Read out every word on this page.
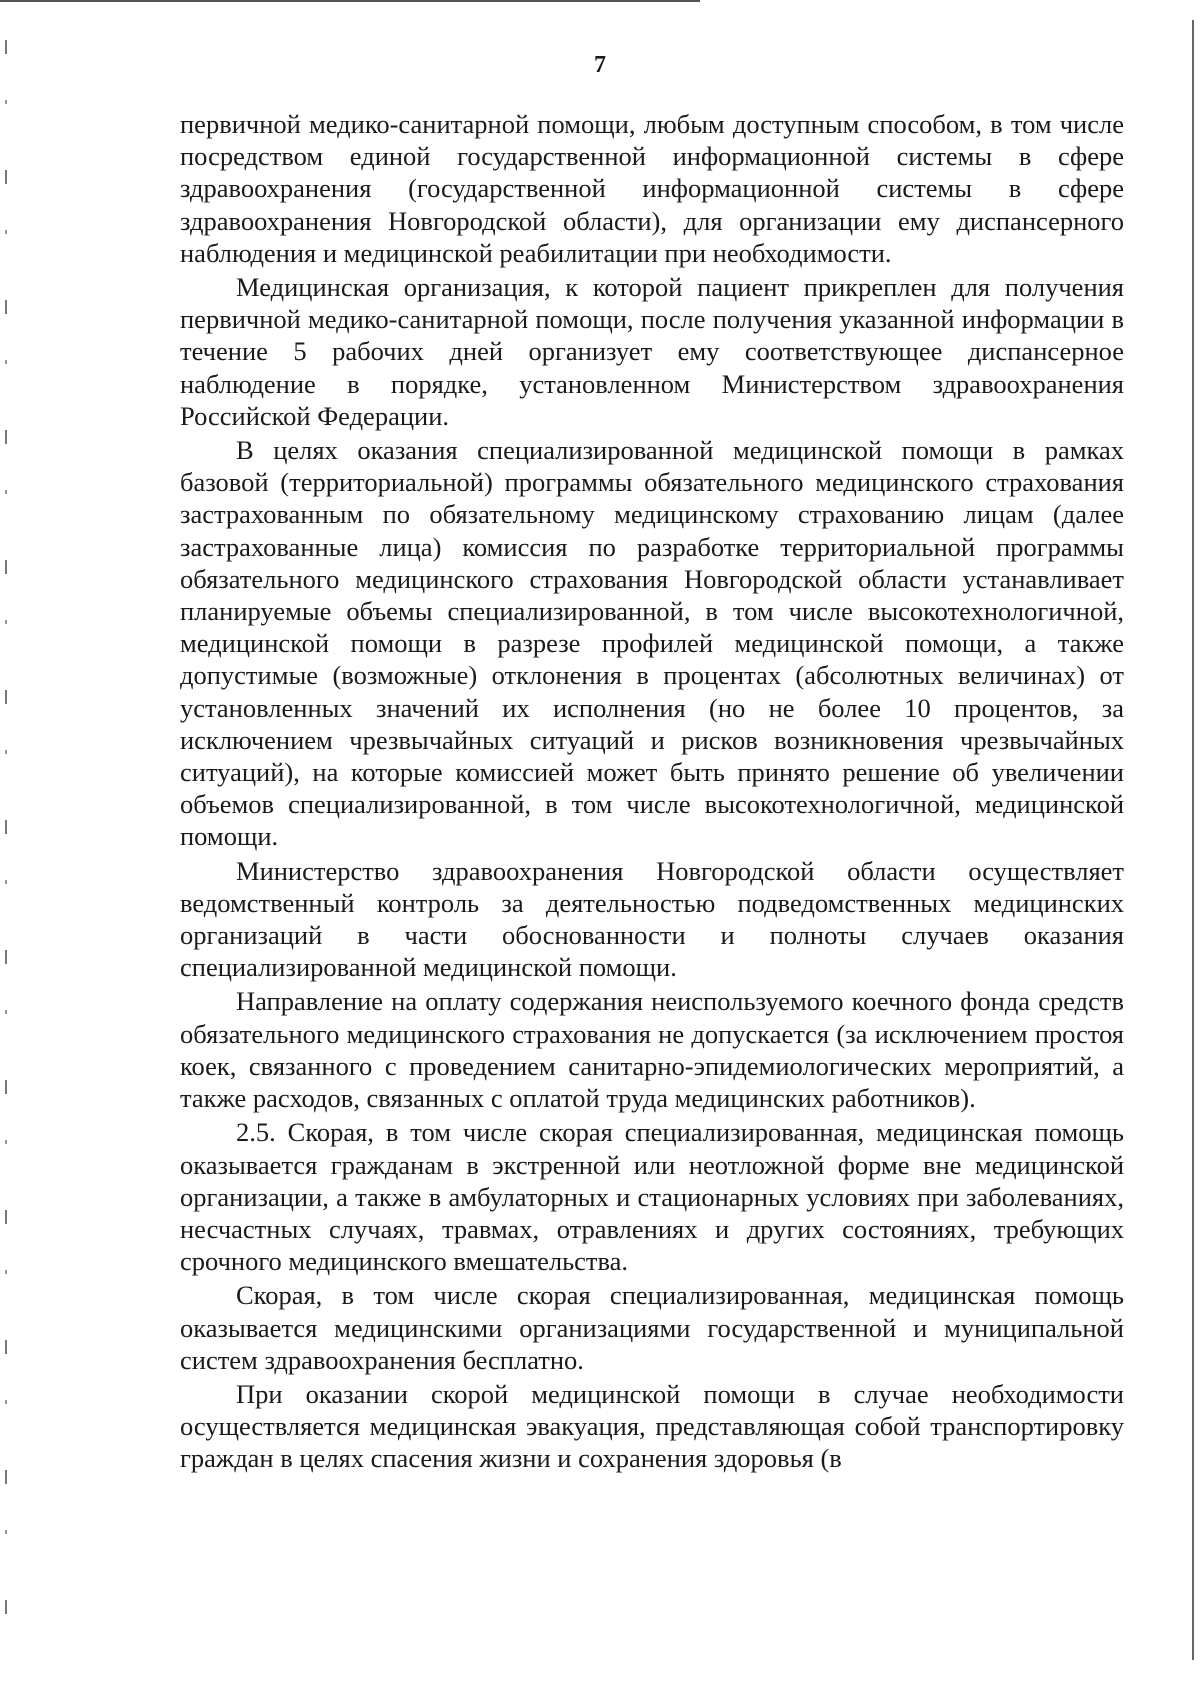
7

первичной медико-санитарной помощи, любым доступным способом, в том числе посредством единой государственной информационной системы в сфере здравоохранения (государственной информационной системы в сфере здравоохранения Новгородской области), для организации ему диспансерного наблюдения и медицинской реабилитации при необходимости.

Медицинская организация, к которой пациент прикреплен для получения первичной медико-санитарной помощи, после получения указанной информации в течение 5 рабочих дней организует ему соответствующее диспансерное наблюдение в порядке, установленном Министерством здравоохранения Российской Федерации.

В целях оказания специализированной медицинской помощи в рамках базовой (территориальной) программы обязательного медицинского страхования застрахованным по обязательному медицинскому страхованию лицам (далее застрахованные лица) комиссия по разработке территориальной программы обязательного медицинского страхования Новгородской области устанавливает планируемые объемы специализированной, в том числе высокотехнологичной, медицинской помощи в разрезе профилей медицинской помощи, а также допустимые (возможные) отклонения в процентах (абсолютных величинах) от установленных значений их исполнения (но не более 10 процентов, за исключением чрезвычайных ситуаций и рисков возникновения чрезвычайных ситуаций), на которые комиссией может быть принято решение об увеличении объемов специализированной, в том числе высокотехнологичной, медицинской помощи.

Министерство здравоохранения Новгородской области осуществляет ведомственный контроль за деятельностью подведомственных медицинских организаций в части обоснованности и полноты случаев оказания специализированной медицинской помощи.

Направление на оплату содержания неиспользуемого коечного фонда средств обязательного медицинского страхования не допускается (за исключением простоя коек, связанного с проведением санитарно-эпидемиологических мероприятий, а также расходов, связанных с оплатой труда медицинских работников).

2.5. Скорая, в том числе скорая специализированная, медицинская помощь оказывается гражданам в экстренной или неотложной форме вне медицинской организации, а также в амбулаторных и стационарных условиях при заболеваниях, несчастных случаях, травмах, отравлениях и других состояниях, требующих срочного медицинского вмешательства.

Скорая, в том числе скорая специализированная, медицинская помощь оказывается медицинскими организациями государственной и муниципальной систем здравоохранения бесплатно.

При оказании скорой медицинской помощи в случае необходимости осуществляется медицинская эвакуация, представляющая собой транспортировку граждан в целях спасения жизни и сохранения здоровья (в
